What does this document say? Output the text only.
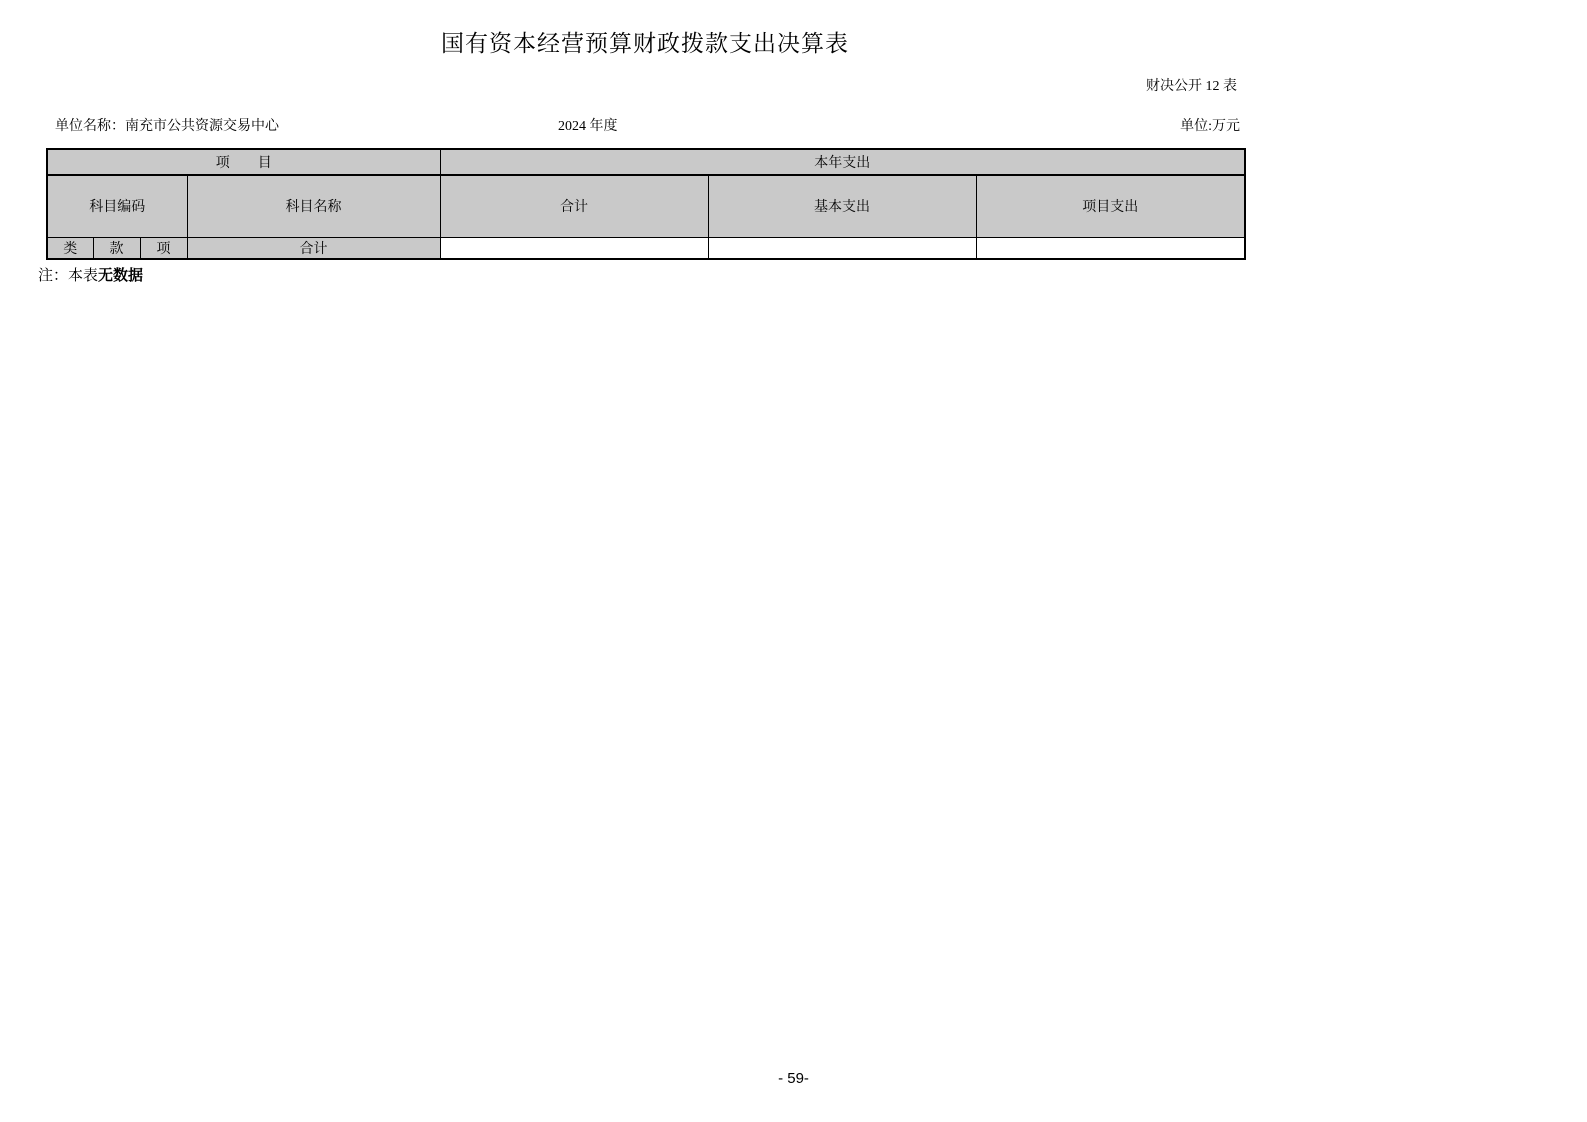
国有资本经营预算财政拨款支出决算表
财决公开 12 表
单位名称：南充市公共资源交易中心	2024 年度	单位:万元
项　　目				本年支出		
科目编码			科目名称	合计	基本支出	项目支出
类	款	项	合计			
注：本表无数据
- 59-
